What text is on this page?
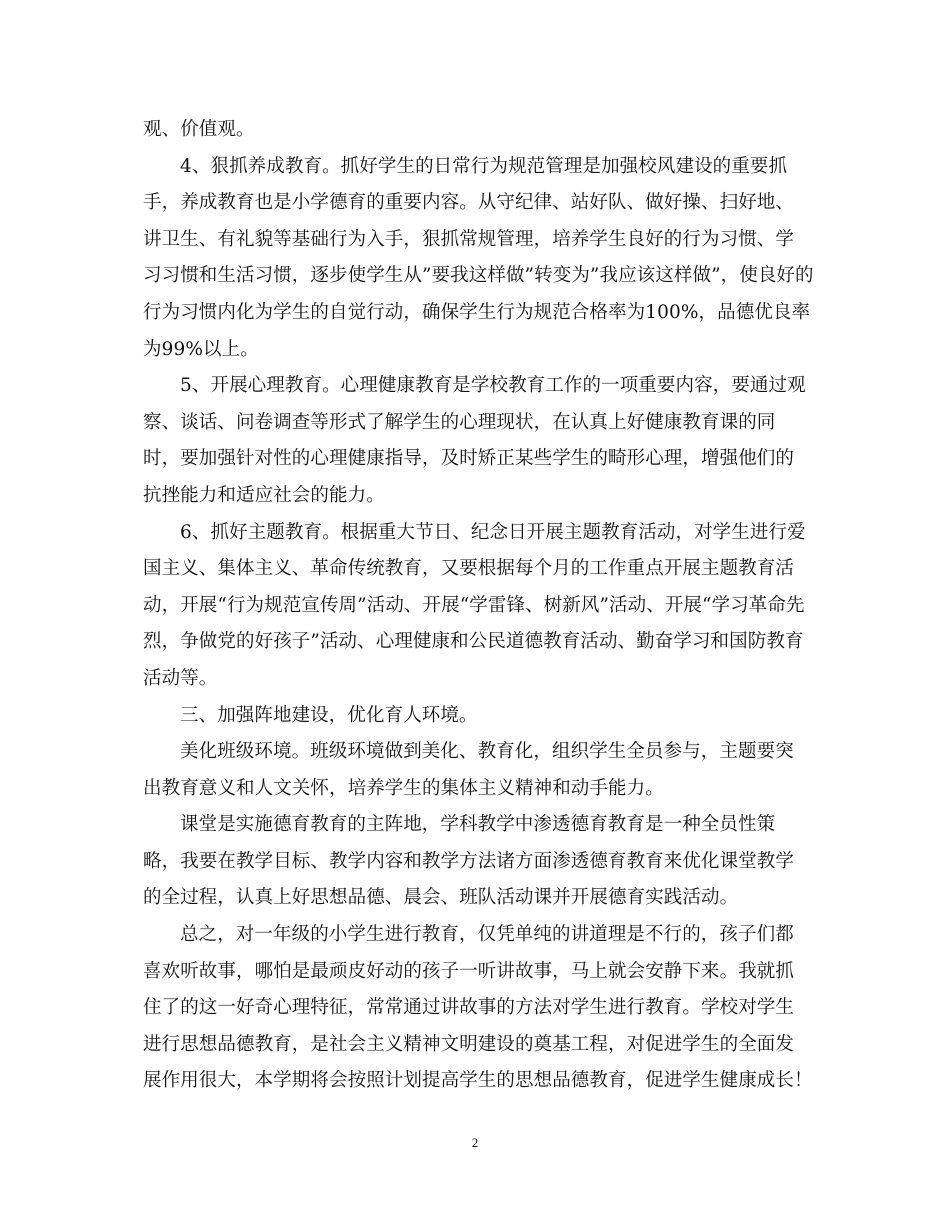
观、价值观。
4、狠抓养成教育。抓好学生的日常行为规范管理是加强校风建设的重要抓
手，养成教育也是小学德育的重要内容。从守纪律、站好队、做好操、扫好地、
讲卫生、有礼貌等基础行为入手，狠抓常规管理，培养学生良好的行为习惯、学
习习惯和生活习惯，逐步使学生从”要我这样做”转变为”我应该这样做”，使良好的
行为习惯内化为学生的自觉行动，确保学生行为规范合格率为100%，品德优良率
为99%以上。
5、开展心理教育。心理健康教育是学校教育工作的一项重要内容，要通过观
察、谈话、问卷调查等形式了解学生的心理现状，在认真上好健康教育课的同
时，要加强针对性的心理健康指导，及时矫正某些学生的畸形心理，增强他们的
抗挫能力和适应社会的能力。
6、抓好主题教育。根据重大节日、纪念日开展主题教育活动，对学生进行爱
国主义、集体主义、革命传统教育，又要根据每个月的工作重点开展主题教育活
动，开展“行为规范宣传周”活动、开展“学雷锋、树新风”活动、开展“学习革命先
烈，争做党的好孩子”活动、心理健康和公民道德教育活动、勤奋学习和国防教育
活动等。
三、加强阵地建设，优化育人环境。
美化班级环境。班级环境做到美化、教育化，组织学生全员参与，主题要突
出教育意义和人文关怀，培养学生的集体主义精神和动手能力。
课堂是实施德育教育的主阵地，学科教学中渗透德育教育是一种全员性策
略，我要在教学目标、教学内容和教学方法诸方面渗透德育教育来优化课堂教学
的全过程，认真上好思想品德、晨会、班队活动课并开展德育实践活动。
总之，对一年级的小学生进行教育，仅凭单纯的讲道理是不行的，孩子们都
喜欢听故事，哪怕是最顽皮好动的孩子一听讲故事，马上就会安静下来。我就抓
住了的这一好奇心理特征，常常通过讲故事的方法对学生进行教育。学校对学生
进行思想品德教育，是社会主义精神文明建设的奠基工程，对促进学生的全面发
展作用很大，本学期将会按照计划提高学生的思想品德教育，促进学生健康成长！
2
